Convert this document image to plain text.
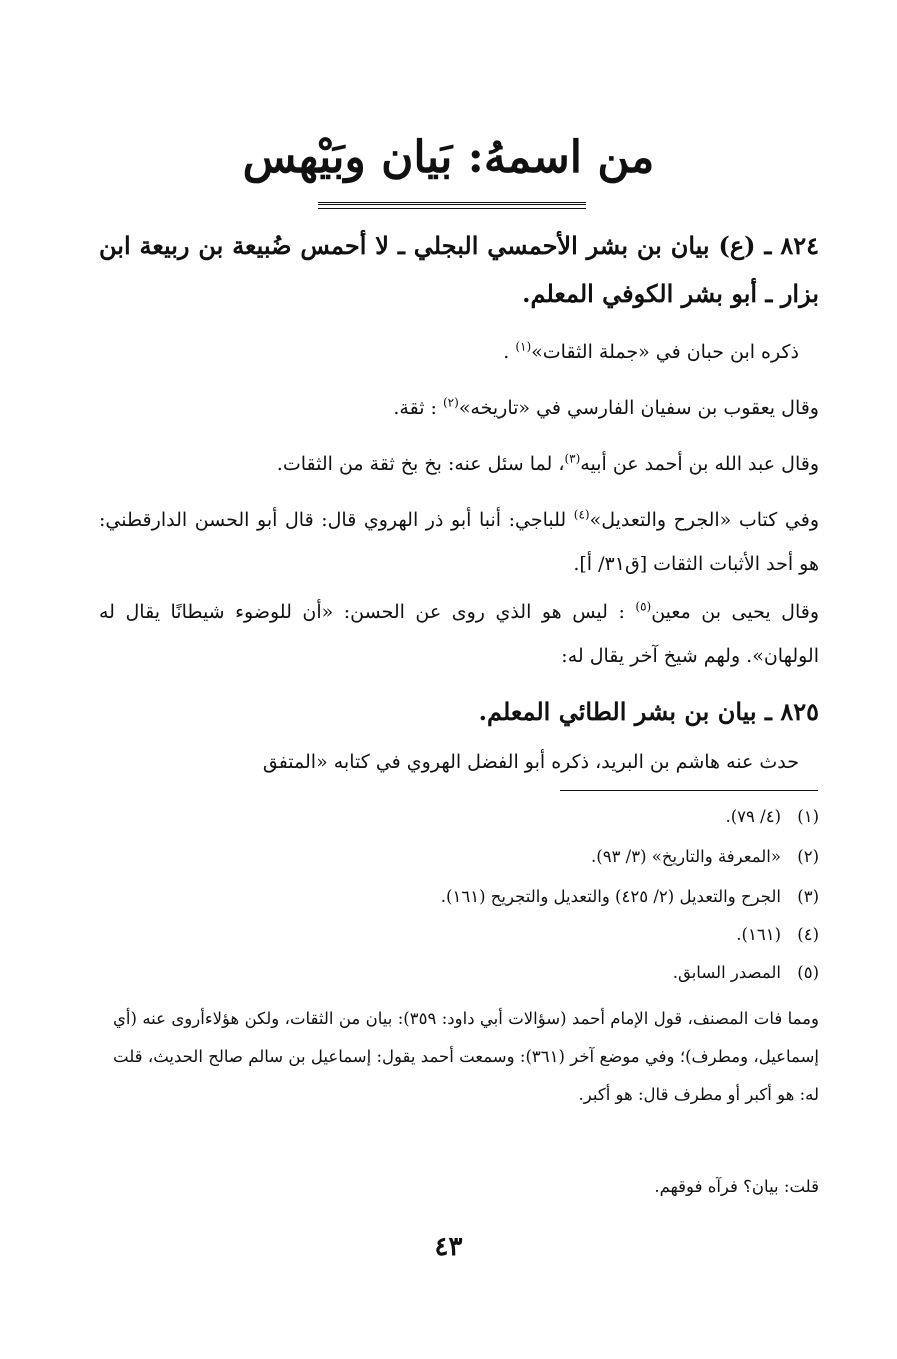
من اسمهُ: بَيان وبَيْهس
٨٢٤ ـ (ع) بيان بن بشر الأحمسي البجلي ـ لا أحمس ضُبيعة بن ربيعة ابن بزار ـ أبو بشر الكوفي المعلم.
ذكره ابن حبان في «جملة الثقات»$^{(١)}$ .
وقال يعقوب بن سفيان الفارسي في «تاريخه»$^{(٢)}$ : ثقة.
وقال عبد الله بن أحمد عن أبيه$^{(٣)}$، لما سئل عنه: بخ بخ ثقة من الثقات.
وفي كتاب «الجرح والتعديل»$^{(٤)}$ للباجي: أنبا أبو ذر الهروي قال: قال أبو الحسن الدارقطني: هو أحد الأثبات الثقات [ق٣١/ أ].
وقال يحيى بن معين$^{(٥)}$ : ليس هو الذي روى عن الحسن: «أن للوضوء شيطانًا يقال له الولهان». ولهم شيخ آخر يقال له:
٨٢٥ ـ بيان بن بشر الطائي المعلم.
حدث عنه هاشم بن البريد، ذكره أبو الفضل الهروي في كتابه «المتفق
(١)(٤/ ٧٩).
(٢)«المعرفة والتاريخ» (٣/ ٩٣).
(٣)الجرح والتعديل (٢/ ٤٢٥) والتعديل والتجريح (١٦١).
(٤)(١٦١).
(٥)المصدر السابق.
ومما فات المصنف، قول الإمام أحمد (سؤالات أبي داود: ٣٥٩): بيان من الثقات، ولكن هؤلاءأروى عنه (أي إسماعيل، ومطرف)؛ وفي موضع آخر (٣٦١): وسمعت أحمد يقول: إسماعيل بن سالم صالح الحديث، قلت له: هو أكبر أو مطرف قال: هو أكبر.
قلت: بيان؟ فرآه فوقهم.
٤٣
